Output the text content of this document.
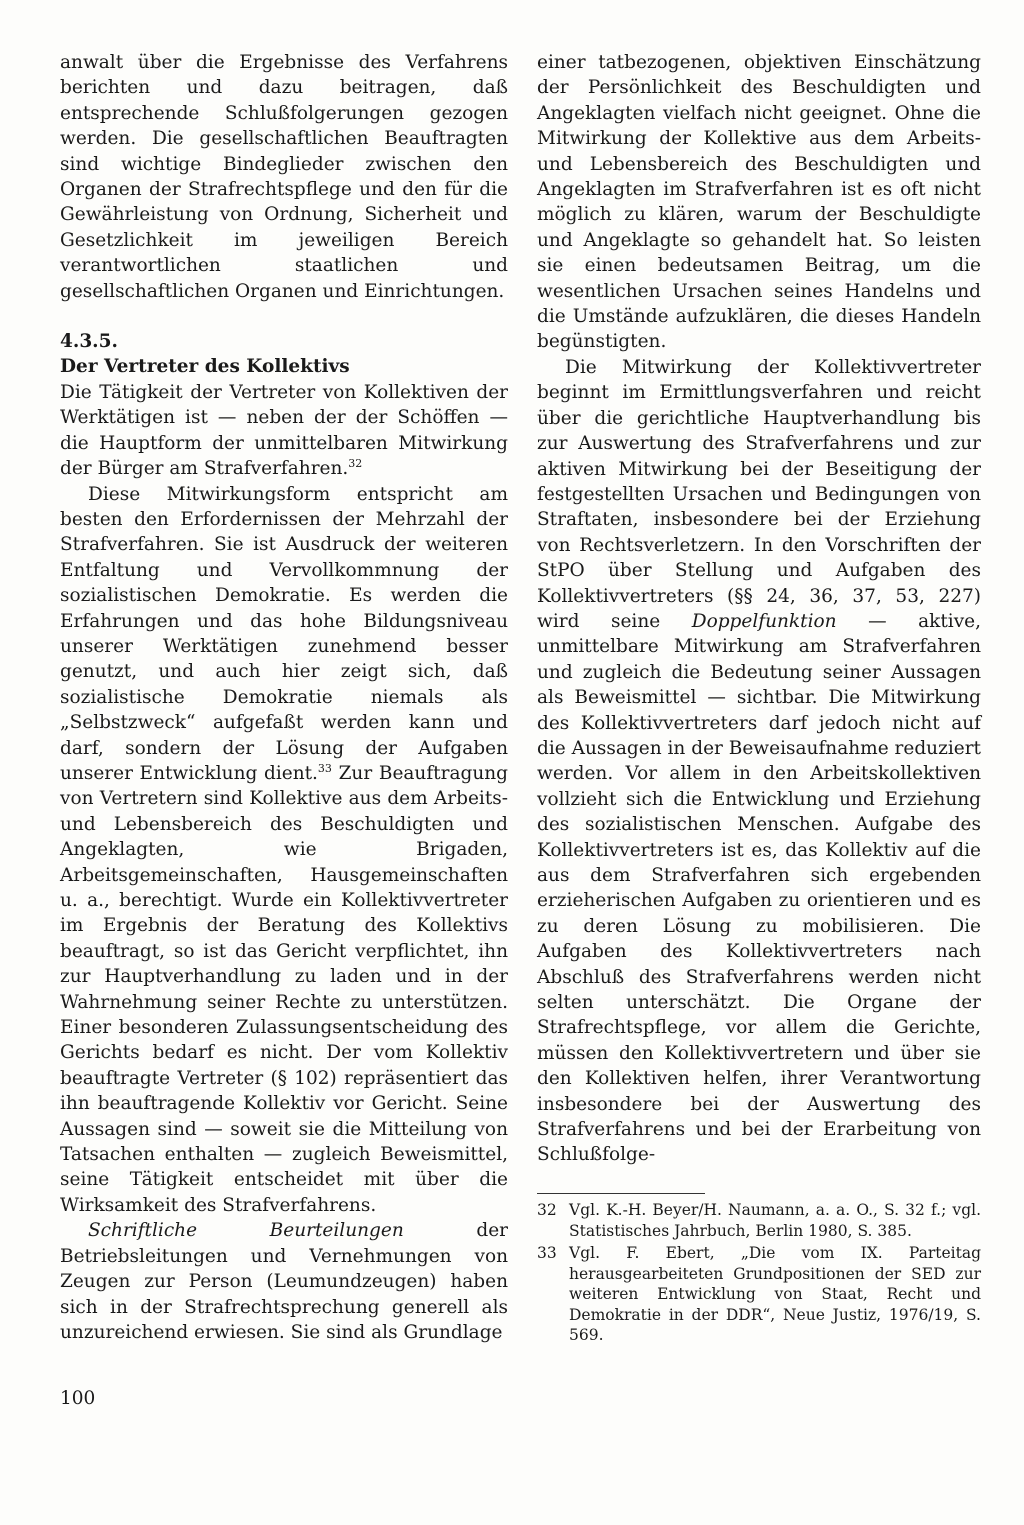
anwalt über die Ergebnisse des Verfahrens berichten und dazu beitragen, daß entsprechende Schlußfolgerungen gezogen werden. Die gesellschaftlichen Beauftragten sind wichtige Bindeglieder zwischen den Organen der Strafrechtspflege und den für die Gewährleistung von Ordnung, Sicherheit und Gesetzlichkeit im jeweiligen Bereich verantwortlichen staatlichen und gesellschaftlichen Organen und Einrichtungen.

4.3.5.

Der Vertreter des Kollektivs

Die Tätigkeit der Vertreter von Kollektiven der Werktätigen ist — neben der der Schöffen — die Hauptform der unmittelbaren Mitwirkung der Bürger am Strafverfahren.$^{32}$

Diese Mitwirkungsform entspricht am besten den Erfordernissen der Mehrzahl der Strafverfahren. Sie ist Ausdruck der weiteren Entfaltung und Vervollkommnung der sozialistischen Demokratie. Es werden die Erfahrungen und das hohe Bildungsniveau unserer Werktätigen zunehmend besser genutzt, und auch hier zeigt sich, daß sozialistische Demokratie niemals als „Selbstzweck“ aufgefaßt werden kann und darf, sondern der Lösung der Aufgaben unserer Entwicklung dient.$^{33}$ Zur Beauftragung von Vertretern sind Kollektive aus dem Arbeits- und Lebensbereich des Beschuldigten und Angeklagten, wie Brigaden, Arbeitsgemeinschaften, Hausgemeinschaften u. a., berechtigt. Wurde ein Kollektivvertreter im Ergebnis der Beratung des Kollektivs beauftragt, so ist das Gericht verpflichtet, ihn zur Hauptverhandlung zu laden und in der Wahrnehmung seiner Rechte zu unterstützen. Einer besonderen Zulassungsentscheidung des Gerichts bedarf es nicht. Der vom Kollektiv beauftragte Vertreter (§ 102) repräsentiert das ihn beauftragende Kollektiv vor Gericht. Seine Aussagen sind — soweit sie die Mitteilung von Tatsachen enthalten — zugleich Beweismittel, seine Tätigkeit entscheidet mit über die Wirksamkeit des Strafverfahrens.

Schriftliche Beurteilungen der Betriebsleitungen und Vernehmungen von Zeugen zur Person (Leumundzeugen) haben sich in der Strafrechtsprechung generell als unzureichend erwiesen. Sie sind als Grundlage

einer tatbezogenen, objektiven Einschätzung der Persönlichkeit des Beschuldigten und Angeklagten vielfach nicht geeignet. Ohne die Mitwirkung der Kollektive aus dem Arbeits- und Lebensbereich des Beschuldigten und Angeklagten im Strafverfahren ist es oft nicht möglich zu klären, warum der Beschuldigte und Angeklagte so gehandelt hat. So leisten sie einen bedeutsamen Beitrag, um die wesentlichen Ursachen seines Handelns und die Umstände aufzuklären, die dieses Handeln begünstigten.

Die Mitwirkung der Kollektivvertreter beginnt im Ermittlungsverfahren und reicht über die gerichtliche Hauptverhandlung bis zur Auswertung des Strafverfahrens und zur aktiven Mitwirkung bei der Beseitigung der festgestellten Ursachen und Bedingungen von Straftaten, insbesondere bei der Erziehung von Rechtsverletzern. In den Vorschriften der StPO über Stellung und Aufgaben des Kollektivvertreters (§§ 24, 36, 37, 53, 227) wird seine Doppelfunktion — aktive, unmittelbare Mitwirkung am Strafverfahren und zugleich die Bedeutung seiner Aussagen als Beweismittel — sichtbar. Die Mitwirkung des Kollektivvertreters darf jedoch nicht auf die Aussagen in der Beweisaufnahme reduziert werden. Vor allem in den Arbeitskollektiven vollzieht sich die Entwicklung und Erziehung des sozialistischen Menschen. Aufgabe des Kollektivvertreters ist es, das Kollektiv auf die aus dem Strafverfahren sich ergebenden erzieherischen Aufgaben zu orientieren und es zu deren Lösung zu mobilisieren. Die Aufgaben des Kollektivvertreters nach Abschluß des Strafverfahrens werden nicht selten unterschätzt. Die Organe der Strafrechtspflege, vor allem die Gerichte, müssen den Kollektivvertretern und über sie den Kollektiven helfen, ihrer Verantwortung insbesondere bei der Auswertung des Strafverfahrens und bei der Erarbeitung von Schlußfolge-

32 Vgl. K.-H. Beyer/H. Naumann, a. a. O., S. 32 f.; vgl. Statistisches Jahrbuch, Berlin 1980, S. 385.
33 Vgl. F. Ebert, „Die vom IX. Parteitag herausgearbeiteten Grundpositionen der SED zur weiteren Entwicklung von Staat, Recht und Demokratie in der DDR“, Neue Justiz, 1976/19, S. 569.
100
